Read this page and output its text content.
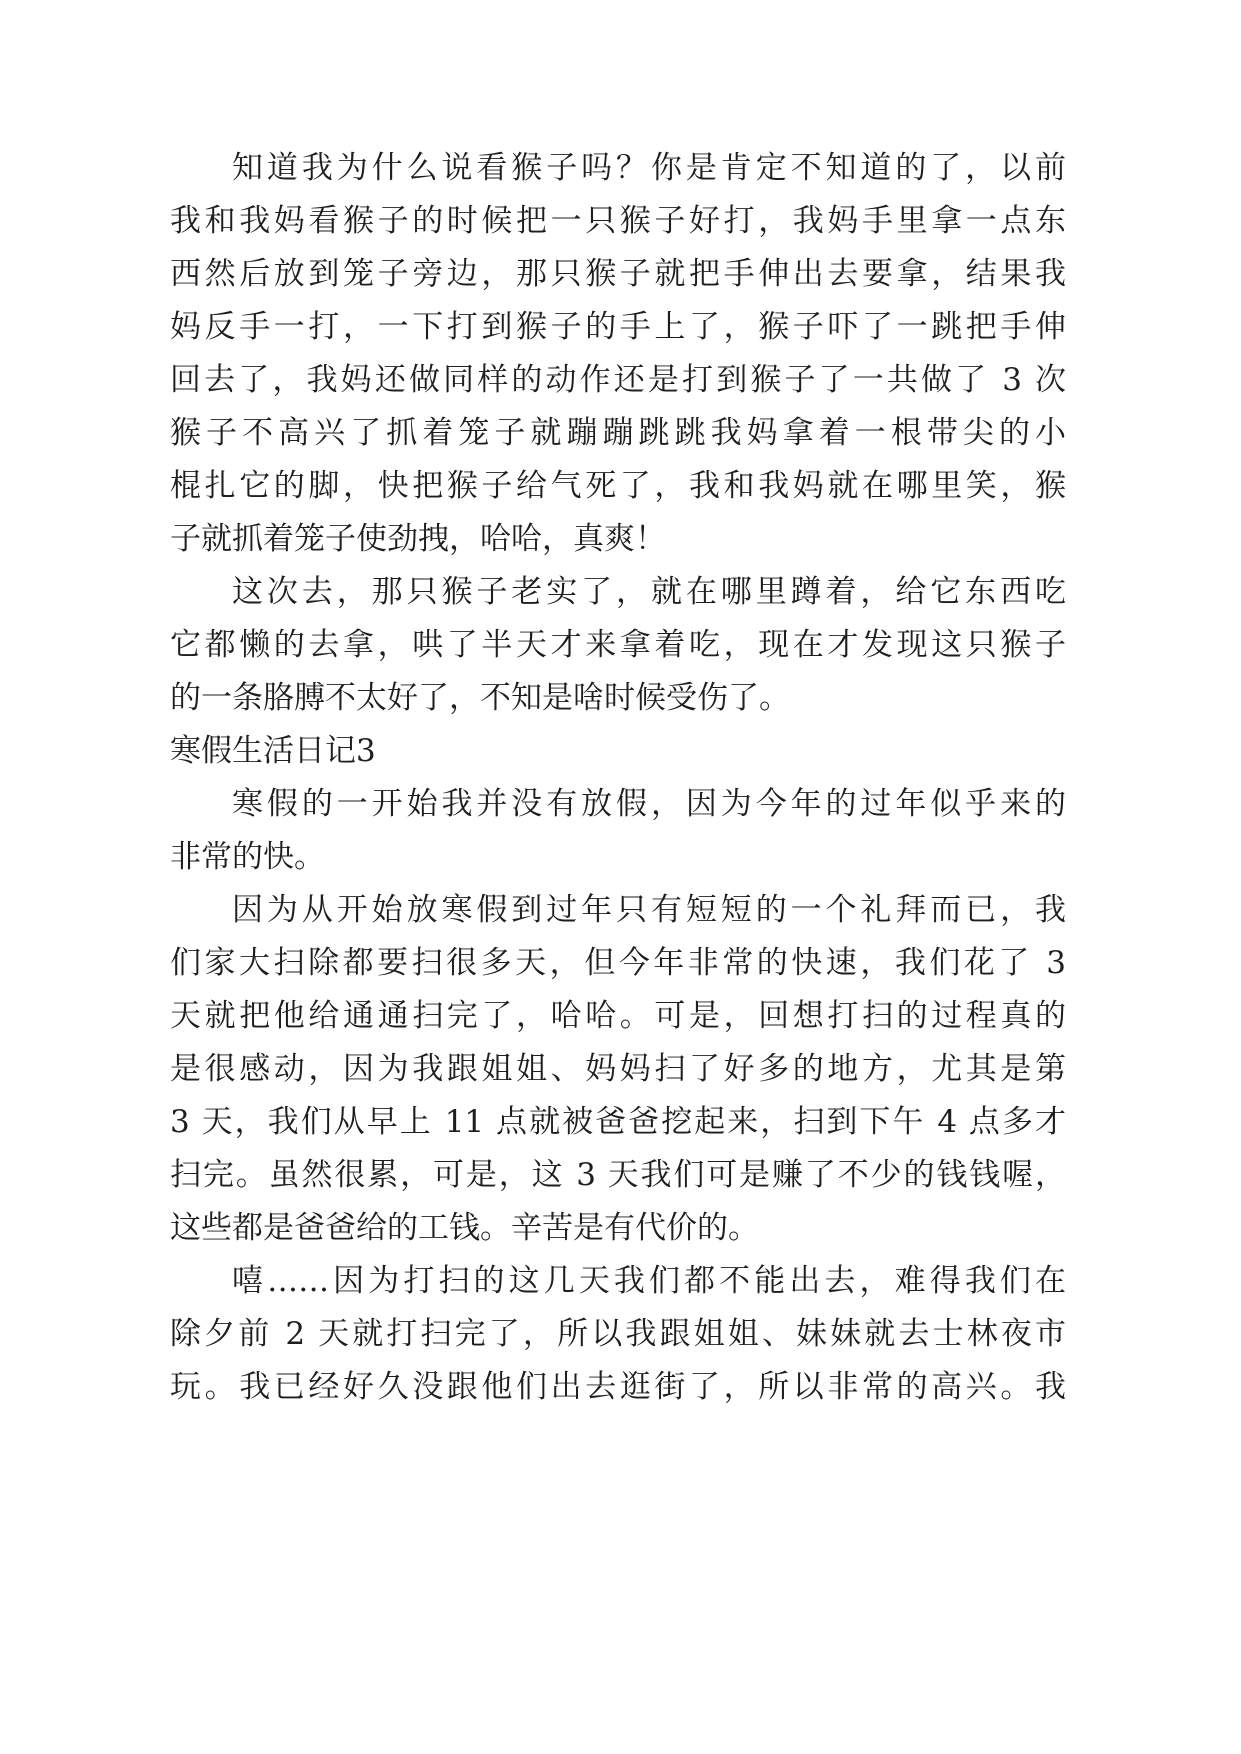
知道我为什么说看猴子吗？你是肯定不知道的了，以前
我和我妈看猴子的时候把一只猴子好打，我妈手里拿一点东
西然后放到笼子旁边，那只猴子就把手伸出去要拿，结果我
妈反手一打，一下打到猴子的手上了，猴子吓了一跳把手伸
回去了，我妈还做同样的动作还是打到猴子了一共做了 3 次
猴子不高兴了抓着笼子就蹦蹦跳跳我妈拿着一根带尖的小
棍扎它的脚，快把猴子给气死了，我和我妈就在哪里笑，猴
子就抓着笼子使劲拽，哈哈，真爽！
这次去，那只猴子老实了，就在哪里蹲着，给它东西吃
它都懒的去拿，哄了半天才来拿着吃，现在才发现这只猴子
的一条胳膊不太好了，不知是啥时候受伤了。
寒假生活日记3
寒假的一开始我并没有放假，因为今年的过年似乎来的
非常的快。
因为从开始放寒假到过年只有短短的一个礼拜而已，我
们家大扫除都要扫很多天，但今年非常的快速，我们花了 3
天就把他给通通扫完了，哈哈。可是，回想打扫的过程真的
是很感动，因为我跟姐姐、妈妈扫了好多的地方，尤其是第
3 天，我们从早上 11 点就被爸爸挖起来，扫到下午 4 点多才
扫完。虽然很累，可是，这 3 天我们可是赚了不少的钱钱喔，
这些都是爸爸给的工钱。辛苦是有代价的。
嘻……因为打扫的这几天我们都不能出去，难得我们在
除夕前 2 天就打扫完了，所以我跟姐姐、妹妹就去士林夜市
玩。我已经好久没跟他们出去逛街了，所以非常的高兴。我
